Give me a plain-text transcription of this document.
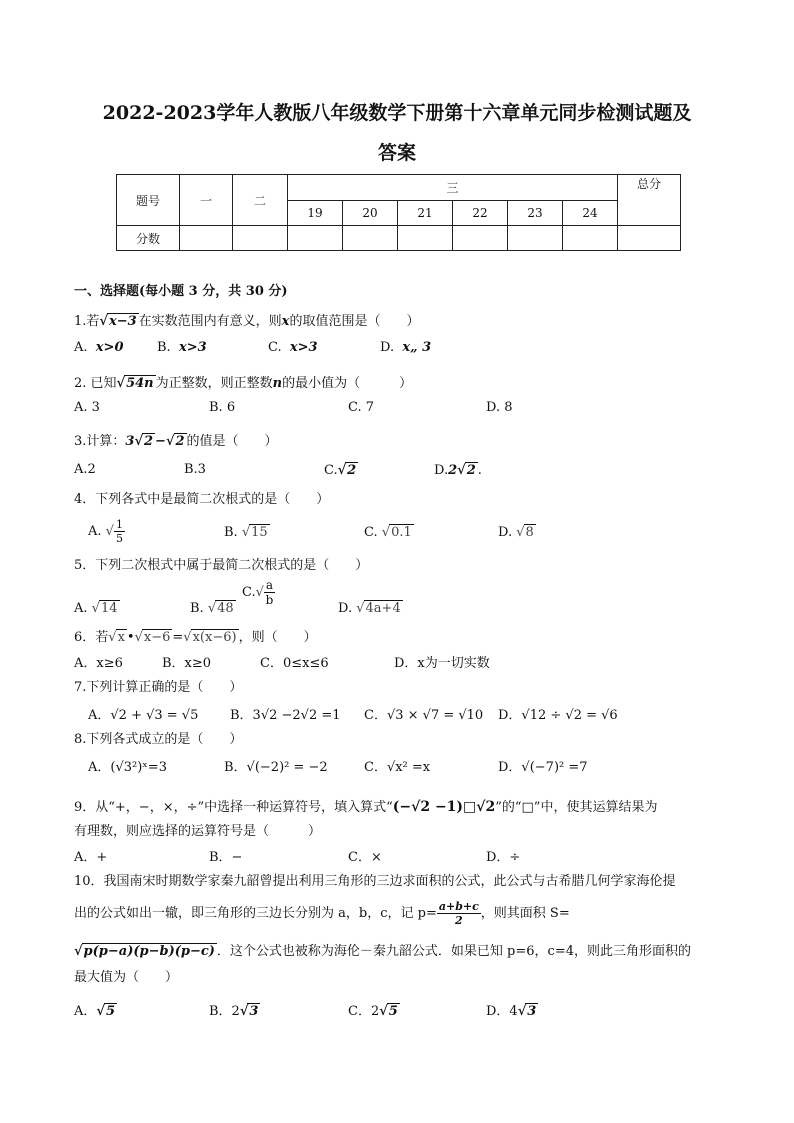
2022-2023学年人教版八年级数学下册第十六章单元同步检测试题及
答案
题号	一	二	三						总分
			19	20	21	22	23	24	
分数									
一、选择题(每小题 3 分，共 30 分)
1.若√x−3 在实数范围内有意义，则x的取值范围是（　　）
A. x>0	B. x>3	C. x>3	D. x„ 3
2. 已知√54n 为正整数，则正整数n的最小值为（　　　）
A. 3	B. 6	C. 7	D. 8
3.计算：3√2 −√2 的值是（　　）
A.2	B.3	C.√2	D.2√2 .
4．下列各式中是最简二次根式的是（　　）
A. √ $\frac{1}{5}$	B. √15	C. √0.1	D. √8
5．下列二次根式中属于最简二次根式的是（　　）
A. √14	B. √48
$C.√ \frac{a}{b}$
D. √4a+4
6．若√x •√x−6 =√x(x−6) ，则（　　）
A．x≥6	B．x≥0	C．0≤x≤6	D．x为一切实数
7.下列计算正确的是（　　）
A．√2 + √3 = √5 B．3√2 −2√2 =1 C．√3 × √7 = √10 D．√12 ÷ √2 = √6
8.下列各式成立的是（　　）
A．(√3²)ˣ=3	B．√(−2)² = −2	C．√x² =x	D．√(−7)² =7
9．从“+，−，×，÷”中选择一种运算符号，填入算式“(−√2 −1)□√2”的“□”中，使其运算结果为
有理数，则应选择的运算符号是（　　　）
A．+	B．−	C．×	D．÷
10．我国南宋时期数学家秦九韶曾提出利用三角形的三边求面积的公式，此公式与古希腊几何学家海伦提
出的公式如出一辙，即三角形的三边长分别为 a，b，c，记 $p= \frac{a+b+c}{2}$ ，则其面积 S=
√p(p−a)(p−b)(p−c) ．这个公式也被称为海伦－秦九韶公式．如果已知 p=6，c=4，则此三角形面积的
最大值为（　　）
A．√5	B．2√3	C．2√5	D．4√3
